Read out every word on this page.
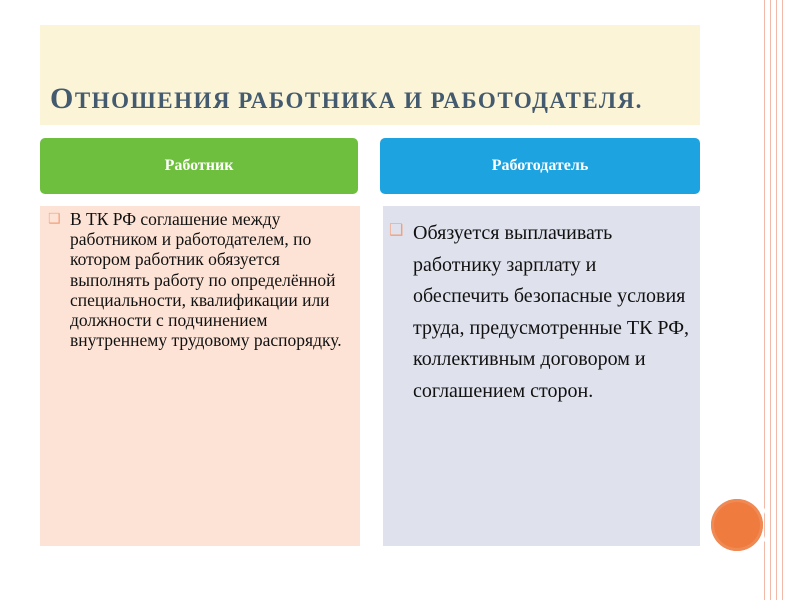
ОТНОШЕНИЯ РАБОТНИКА И РАБОТОДАТЕЛЯ.
Работник	Работодатель
❑ В ТК РФ соглашение между работником и работодателем, по котором работник обязуется выполнять работу по определённой специальности, квалификации или должности с подчинением внутреннему трудовому распорядку.
❑ Обязуется выплачивать работнику зарплату и обеспечить безопасные условия труда, предусмотренные ТК РФ, коллективным договором и соглашением сторон.
